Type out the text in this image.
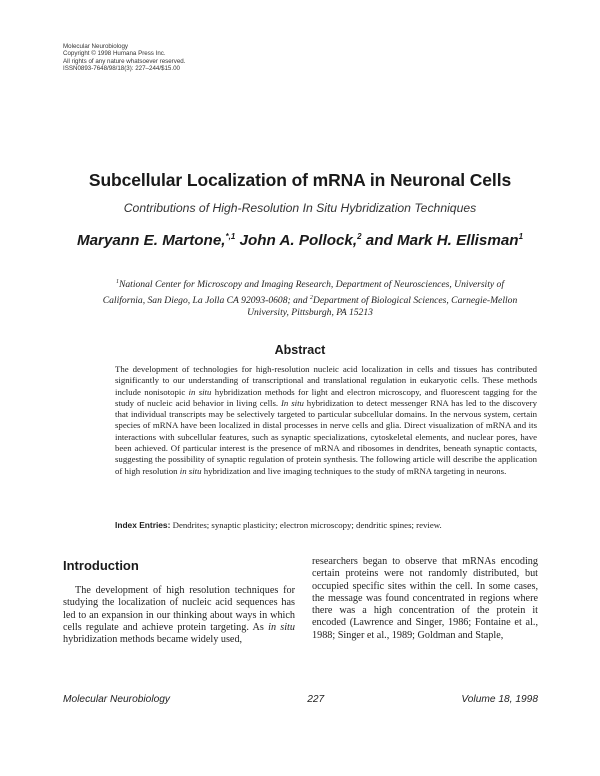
Molecular Neurobiology
Copyright © 1998 Humana Press Inc.
All rights of any nature whatsoever reserved.
ISSN0893-7648/98/18(3): 227–244/$15.00
Subcellular Localization of mRNA in Neuronal Cells
Contributions of High-Resolution In Situ Hybridization Techniques
Maryann E. Martone,$^{*,1}$ John A. Pollock,$^2$ and Mark H. Ellisman$^1$
$^1$National Center for Microscopy and Imaging Research, Department of Neurosciences, University of California, San Diego, La Jolla CA 92093-0608; and $^2$Department of Biological Sciences, Carnegie-Mellon University, Pittsburgh, PA 15213
Abstract
The development of technologies for high-resolution nucleic acid localization in cells and tissues has contributed significantly to our understanding of transcriptional and translational regulation in eukaryotic cells. These methods include nonisotopic in situ hybridization methods for light and electron microscopy, and fluorescent tagging for the study of nucleic acid behavior in living cells. In situ hybridization to detect messenger RNA has led to the discovery that individual transcripts may be selectively targeted to particular subcellular domains. In the nervous system, certain species of mRNA have been localized in distal processes in nerve cells and glia. Direct visualization of mRNA and its interactions with subcellular features, such as synaptic specializations, cytoskeletal elements, and nuclear pores, have been achieved. Of particular interest is the presence of mRNA and ribosomes in dendrites, beneath synaptic contacts, suggesting the possibility of synaptic regulation of protein synthesis. The following article will describe the application of high resolution in situ hybridization and live imaging techniques to the study of mRNA targeting in neurons.
Index Entries: Dendrites; synaptic plasticity; electron microscopy; dendritic spines; review.
Introduction
The development of high resolution techniques for studying the localization of nucleic acid sequences has led to an expansion in our thinking about ways in which cells regulate and achieve protein targeting. As in situ hybridization methods became widely used,
researchers began to observe that mRNAs encoding certain proteins were not randomly distributed, but occupied specific sites within the cell. In some cases, the message was found concentrated in regions where there was a high concentration of the protein it encoded (Lawrence and Singer, 1986; Fontaine et al., 1988; Singer et al., 1989; Goldman and Staple,
Molecular Neurobiology	227	Volume 18, 1998
